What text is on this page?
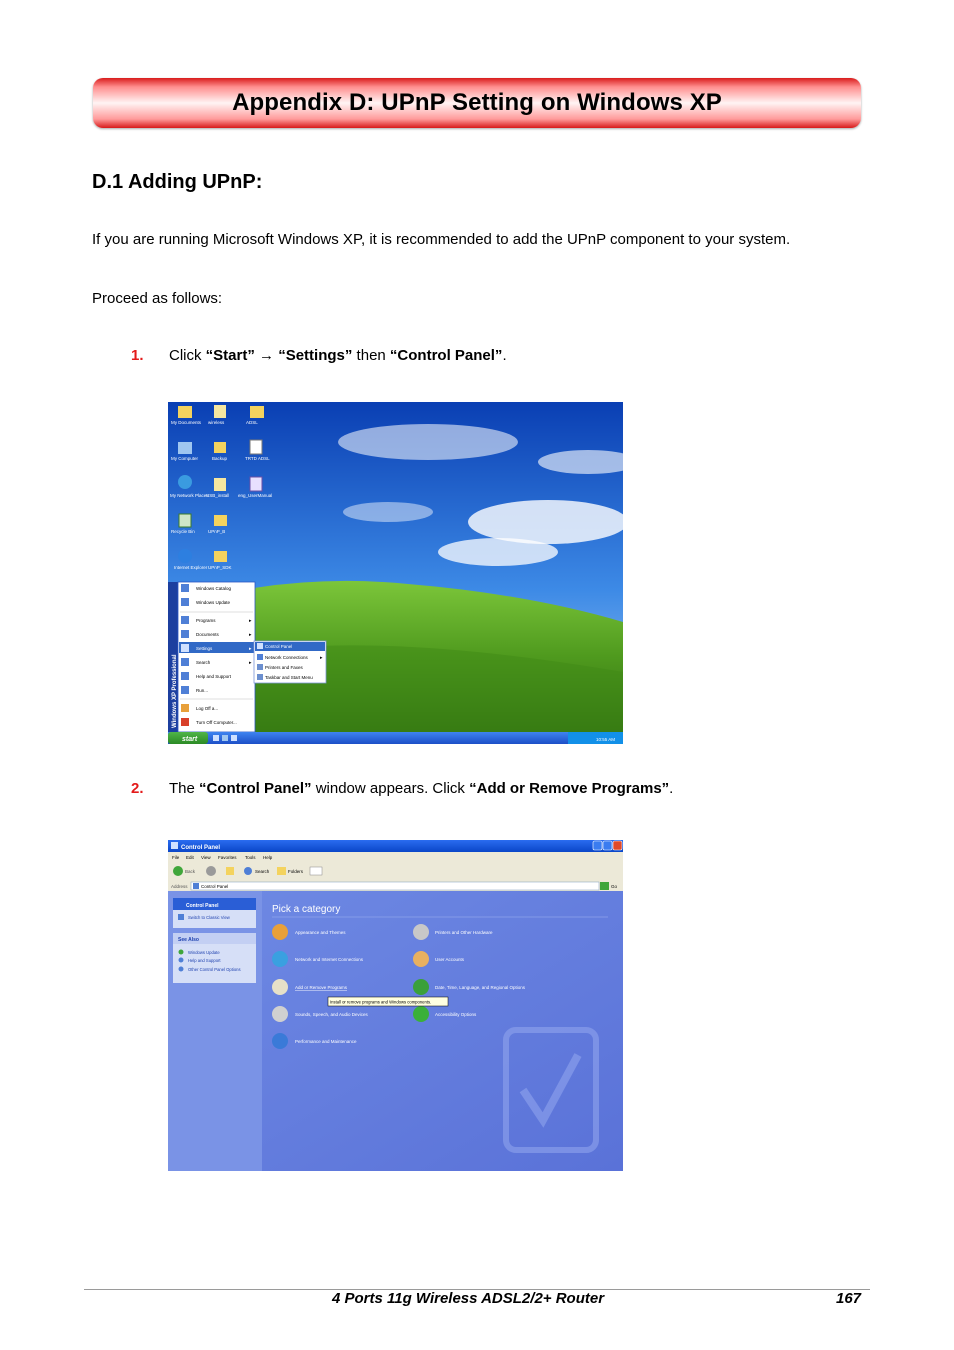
Appendix D: UPnP Setting on Windows XP
D.1 Adding UPnP:
If you are running Microsoft Windows XP, it is recommended to add the UPnP component to your system.
Proceed as follows:
1.	Click “Start” → “Settings” then “Control Panel”.
My Documents wireless	ADSL
My Computer	Backup	TRTD ADSL
My Network Places
USB_install eng_UserManual
Recycle Bin	UPnP_B
Internet Explorer UPnP_SDK
Windows XP Professional
Windows Catalog
Windows Update
Programs
Documents
Settings
Search
Help and Support
Run...
Log Off a...
Turn Off Computer...
▸
▸
▸
▸
Control Panel
Network Connections
Printers and Faxes
Taskbar and Start Menu
▸
start	10:55 AM
2.	The “Control Panel” window appears. Click “Add or Remove Programs”.
Control Panel
File Edit View Favorites Tools Help
Back	Search	Folders
Address	Control Panel	Go
Control Panel
Switch to Classic View
See Also
Windows Update
Help and Support
Other Control Panel Options
Pick a category
Appearance and Themes
Network and Internet Connections
Add or Remove Programs
Sounds, Speech, and Audio Devices
Performance and Maintenance
Printers and Other Hardware
User Accounts
Date, Time, Language, and Regional Options
Accessibility Options
Install or remove programs and Windows components.
4 Ports 11g Wireless ADSL2/2+ Router	167
